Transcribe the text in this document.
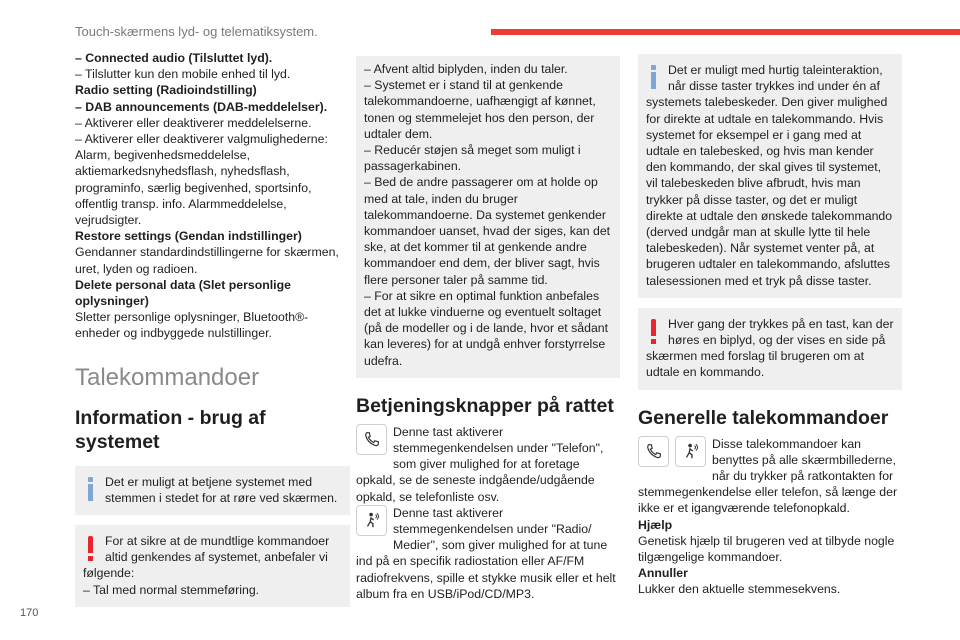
Touch-skærmens lyd- og telematiksystem.

– Connected audio (Tilsluttet lyd).

– Tilslutter kun den mobile enhed til lyd.

Radio setting (Radioindstilling)

– DAB announcements (DAB-meddelelser).

– Aktiverer eller deaktiverer meddelelserne.

– Aktiverer eller deaktiverer valgmulighederne: Alarm, begivenhedsmeddelelse, aktiemarkedsnyhedsflash, nyhedsflash, programinfo, særlig begivenhed, sportsinfo, offentlig transp. info. Alarmmeddelelse, vejrudsigter.

Restore settings (Gendan indstillinger)

Gendanner standardindstillingerne for skærmen, uret, lyden og radioen.

Delete personal data (Slet personlige oplysninger)

Sletter personlige oplysninger, Bluetooth®-enheder og indbyggede nulstillinger.

Talekommandoer
Information - brug af systemet

Det er muligt at betjene systemet med stemmen i stedet for at røre ved skærmen.

For at sikre at de mundtlige kommandoer altid genkendes af systemet, anbefaler vi følgende:

– Tal med normal stemmeføring.

– Afvent altid biplyden, inden du taler.

– Systemet er i stand til at genkende talekommandoerne, uafhængigt af kønnet, tonen og stemmelejet hos den person, der udtaler dem.

– Reducér støjen så meget som muligt i passagerkabinen.

– Bed de andre passagerer om at holde op med at tale, inden du bruger talekommandoerne. Da systemet genkender kommandoer uanset, hvad der siges, kan det ske, at det kommer til at genkende andre kommandoer end dem, der bliver sagt, hvis flere personer taler på samme tid.

– For at sikre en optimal funktion anbefales det at lukke vinduerne og eventuelt soltaget (på de modeller og i de lande, hvor et sådant kan leveres) for at undgå enhver forstyrrelse udefra.

Betjeningsknapper på rattet

Denne tast aktiverer stemmegenkendelsen under "Telefon", som giver mulighed for at foretage opkald, se de seneste indgående/udgående opkald, se telefonliste osv.

Denne tast aktiverer stemmegenkendelsen under "Radio/ Medier", som giver mulighed for at tune ind på en specifik radiostation eller AF/FM radiofrekvens, spille et stykke musik eller et helt album fra en USB/iPod/CD/MP3.

Det er muligt med hurtig taleinteraktion, når disse taster trykkes ind under én af systemets talebeskeder. Den giver mulighed for direkte at udtale en talekommando. Hvis systemet for eksempel er i gang med at udtale en talebesked, og hvis man kender den kommando, der skal gives til systemet, vil talebeskeden blive afbrudt, hvis man trykker på disse taster, og det er muligt direkte at udtale den ønskede talekommando (derved undgår man at skulle lytte til hele talebeskeden). Når systemet venter på, at brugeren udtaler en talekommando, afsluttes talesessionen med et tryk på disse taster.

Hver gang der trykkes på en tast, kan der høres en biplyd, og der vises en side på skærmen med forslag til brugeren om at udtale en kommando.

Generelle talekommandoer

Disse talekommandoer kan benyttes på alle skærmbillederne, når du trykker på ratkontakten for stemmegenkendelse eller telefon, så længe der ikke er et igangværende telefonopkald.

Hjælp

Genetisk hjælp til brugeren ved at tilbyde nogle tilgængelige kommandoer.

Annuller

Lukker den aktuelle stemmesekvens.

170
